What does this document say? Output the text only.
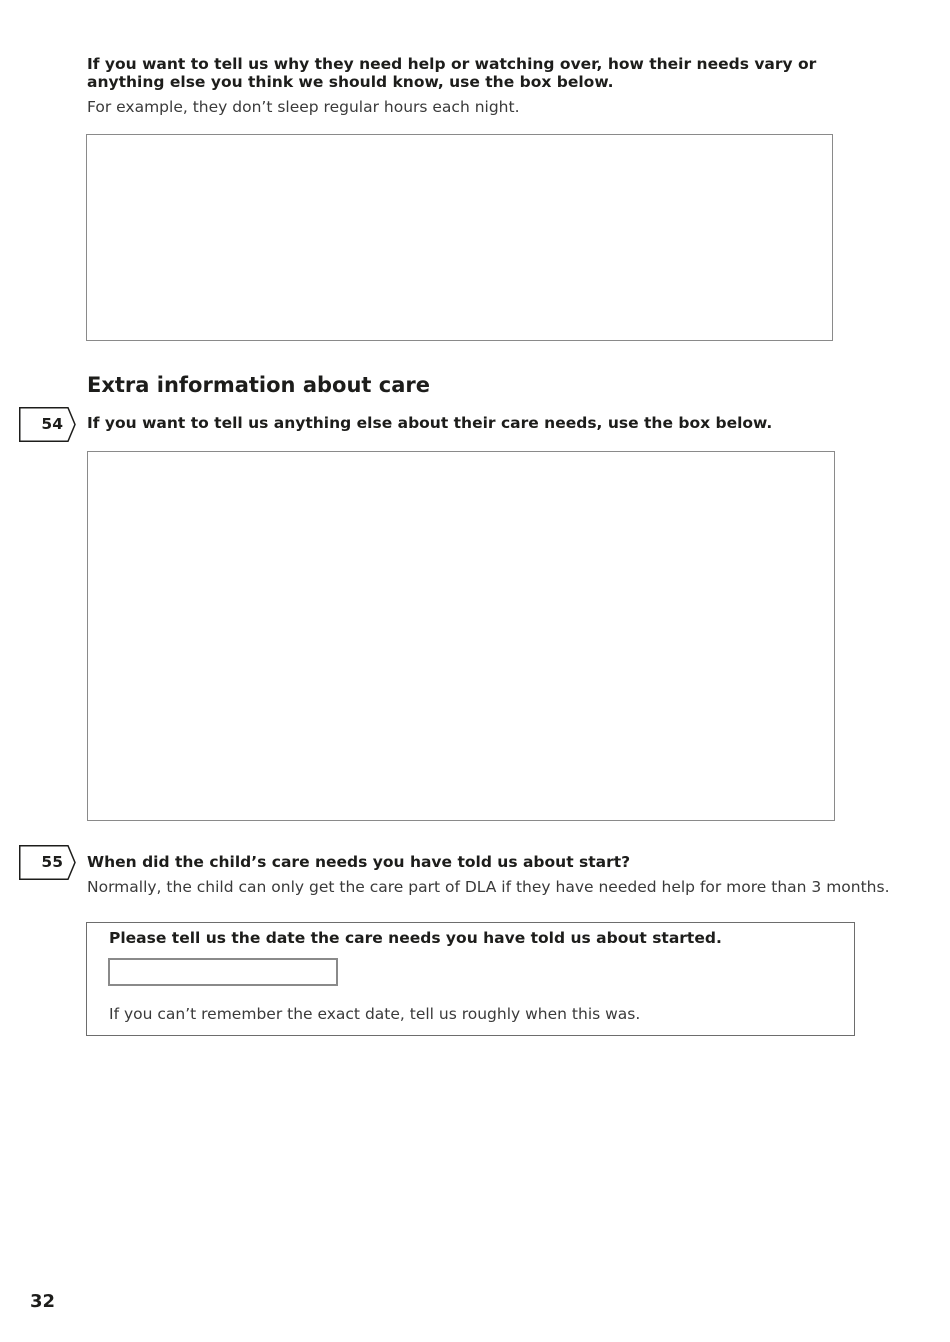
If you want to tell us why they need help or watching over, how their needs vary or anything else you think we should know, use the box below.
For example, they don’t sleep regular hours each night.
Extra information about care
54 If you want to tell us anything else about their care needs, use the box below.
55 When did the child’s care needs you have told us about start?
Normally, the child can only get the care part of DLA if they have needed help for more than 3 months.
Please tell us the date the care needs you have told us about started.
If you can’t remember the exact date, tell us roughly when this was.
32
